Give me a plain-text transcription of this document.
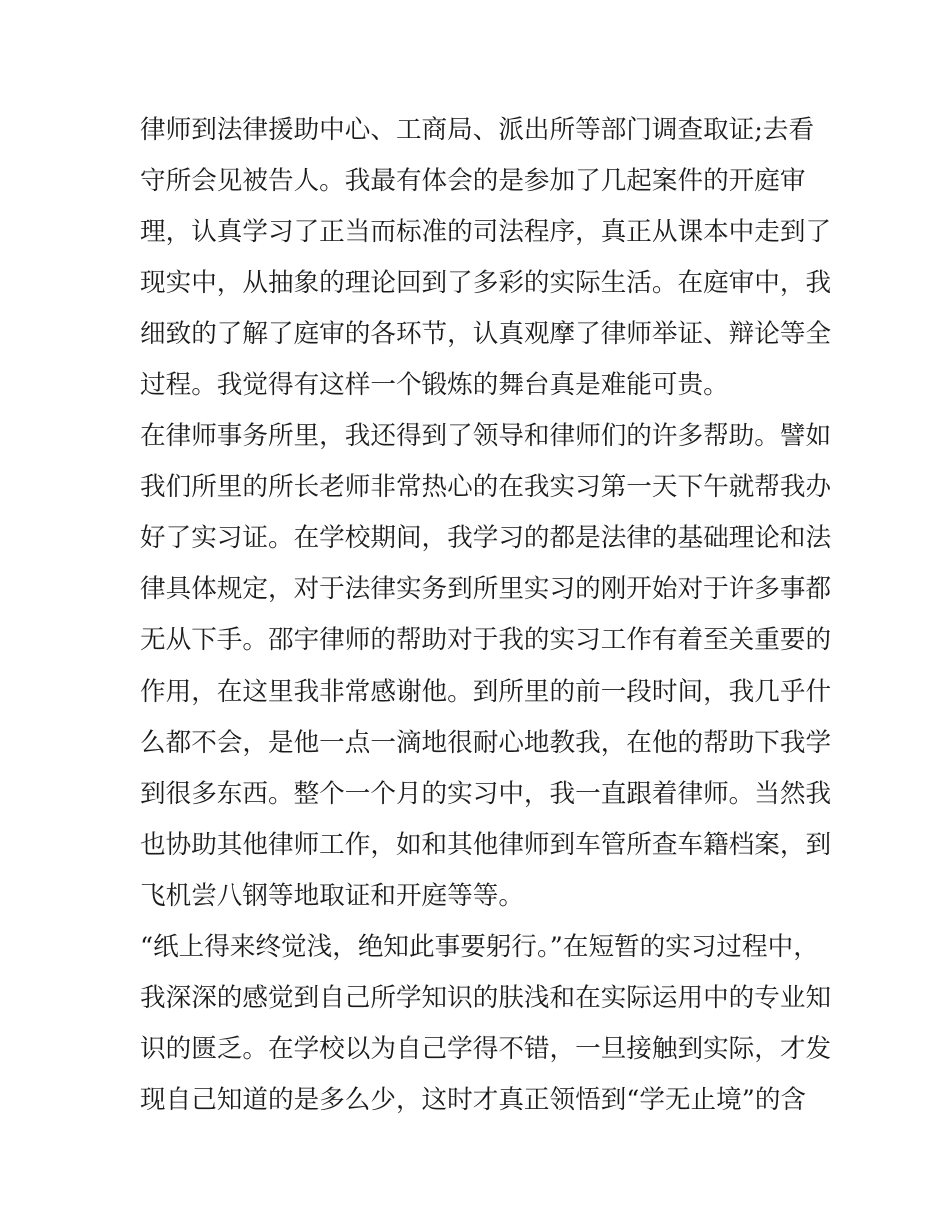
律师到法律援助中心、工商局、派出所等部门调查取证;去看
守所会见被告人。我最有体会的是参加了几起案件的开庭审
理，认真学习了正当而标准的司法程序，真正从课本中走到了
现实中，从抽象的理论回到了多彩的实际生活。在庭审中，我
细致的了解了庭审的各环节，认真观摩了律师举证、辩论等全
过程。我觉得有这样一个锻炼的舞台真是难能可贵。
在律师事务所里，我还得到了领导和律师们的许多帮助。譬如
我们所里的所长老师非常热心的在我实习第一天下午就帮我办
好了实习证。在学校期间，我学习的都是法律的基础理论和法
律具体规定，对于法律实务到所里实习的刚开始对于许多事都
无从下手。邵宇律师的帮助对于我的实习工作有着至关重要的
作用，在这里我非常感谢他。到所里的前一段时间，我几乎什
么都不会，是他一点一滴地很耐心地教我，在他的帮助下我学
到很多东西。整个一个月的实习中，我一直跟着律师。当然我
也协助其他律师工作，如和其他律师到车管所查车籍档案，到
飞机尝八钢等地取证和开庭等等。
“纸上得来终觉浅，绝知此事要躬行。”在短暂的实习过程中，
我深深的感觉到自己所学知识的肤浅和在实际运用中的专业知
识的匮乏。在学校以为自己学得不错，一旦接触到实际，才发
现自己知道的是多么少，这时才真正领悟到“学无止境”的含
